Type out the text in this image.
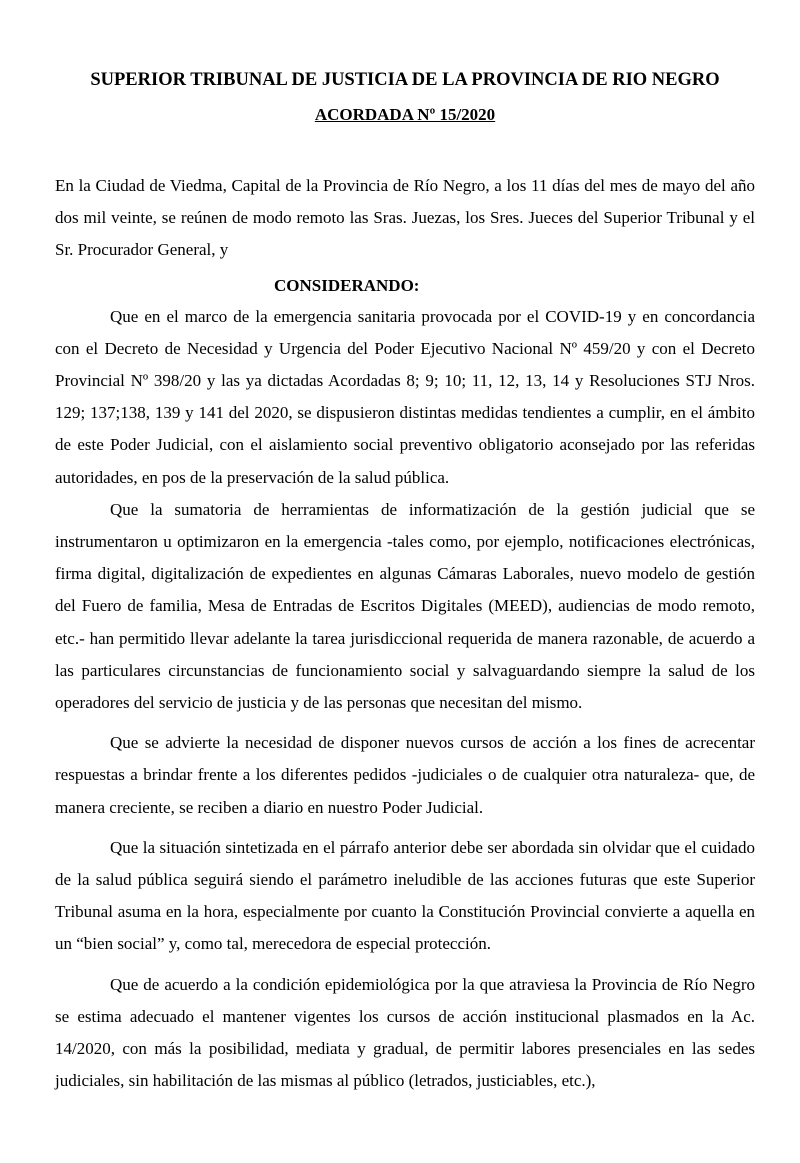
SUPERIOR TRIBUNAL DE JUSTICIA DE LA PROVINCIA DE RIO NEGRO
ACORDADA Nº 15/2020

En la Ciudad de Viedma, Capital de la Provincia de Río Negro, a los 11 días del mes de mayo del año dos mil veinte, se reúnen de modo remoto las Sras. Juezas, los Sres. Jueces del Superior Tribunal y el Sr. Procurador General, y

CONSIDERANDO:

Que en el marco de la emergencia sanitaria provocada por el COVID-19 y en concordancia con el Decreto de Necesidad y Urgencia del Poder Ejecutivo Nacional Nº 459/20 y con el Decreto Provincial Nº 398/20 y las ya dictadas Acordadas 8; 9; 10; 11, 12, 13, 14 y Resoluciones STJ Nros. 129; 137;138, 139 y 141 del 2020, se dispusieron distintas medidas tendientes a cumplir, en el ámbito de este Poder Judicial, con el aislamiento social preventivo obligatorio aconsejado por las referidas autoridades, en pos de la preservación de la salud pública.

Que la sumatoria de herramientas de informatización de la gestión judicial que se instrumentaron u optimizaron en la emergencia -tales como, por ejemplo, notificaciones electrónicas, firma digital, digitalización de expedientes en algunas Cámaras Laborales, nuevo modelo de gestión del Fuero de familia, Mesa de Entradas de Escritos Digitales (MEED), audiencias de modo remoto, etc.- han permitido llevar adelante la tarea jurisdiccional requerida de manera razonable, de acuerdo a las particulares circunstancias de funcionamiento social y salvaguardando siempre la salud de los operadores del servicio de justicia y de las personas que necesitan del mismo.

Que se advierte la necesidad de disponer nuevos cursos de acción a los fines de acrecentar respuestas a brindar frente a los diferentes pedidos -judiciales o de cualquier otra naturaleza- que, de manera creciente, se reciben a diario en nuestro Poder Judicial.

Que la situación sintetizada en el párrafo anterior debe ser abordada sin olvidar que el cuidado de la salud pública seguirá siendo el parámetro ineludible de las acciones futuras que este Superior Tribunal asuma en la hora, especialmente por cuanto la Constitución Provincial convierte a aquella en un “bien social” y, como tal, merecedora de especial protección.

Que de acuerdo a la condición epidemiológica por la que atraviesa la Provincia de Río Negro se estima adecuado el mantener vigentes los cursos de acción institucional plasmados en la Ac. 14/2020, con más la posibilidad, mediata y gradual, de permitir labores presenciales en las sedes judiciales, sin habilitación de las mismas al público (letrados, justiciables, etc.),
